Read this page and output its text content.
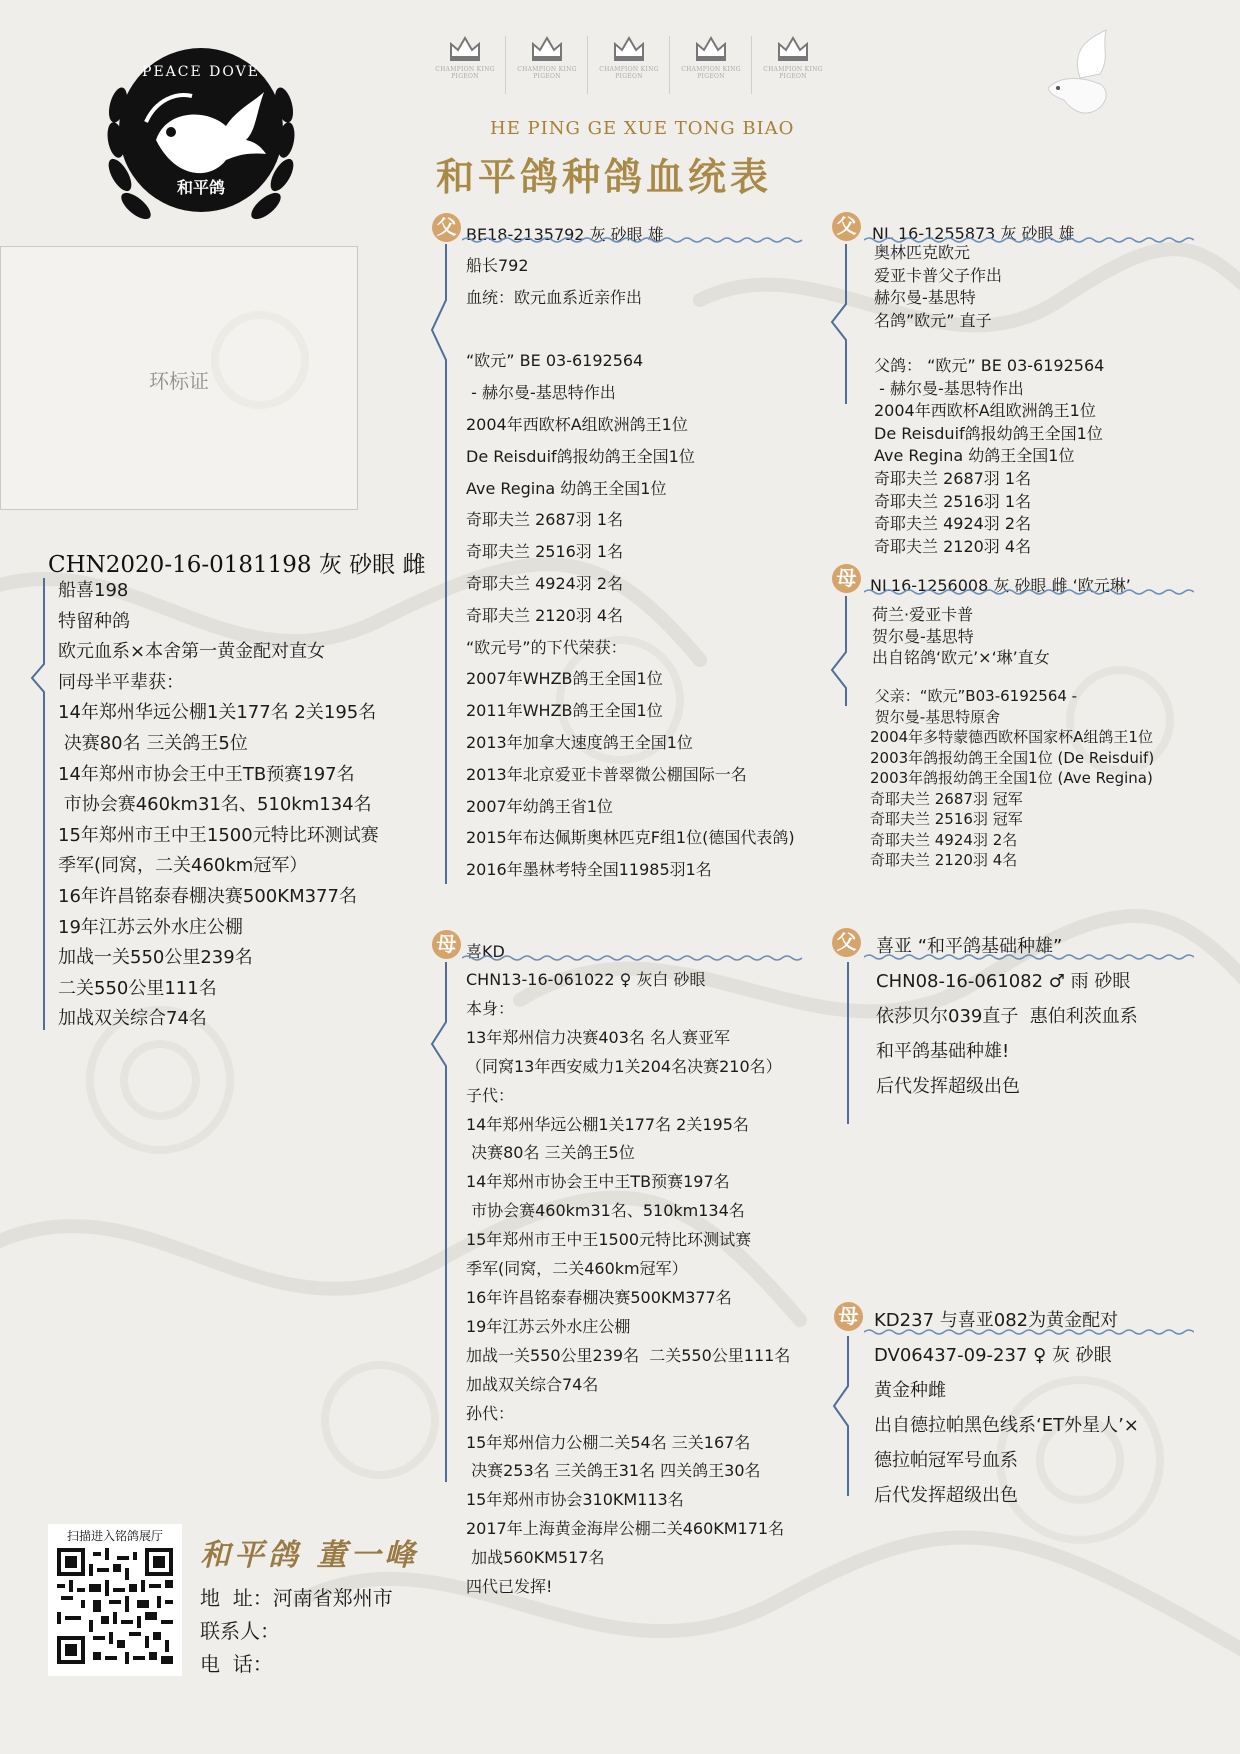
PEACE DOVE
和平鸽
CHAMPION KING PIGEON
CHAMPION KING PIGEON
CHAMPION KING PIGEON
CHAMPION KING PIGEON
CHAMPION KING PIGEON
HE PING GE XUE TONG BIAO
和平鸽种鸽血统表
环标证
CHN2020-16-0181198 灰 砂眼 雌
船喜198
特留种鸽
欧元血系×本舍第一黄金配对直女
同母半平辈获：
14年郑州华远公棚1关177名 2关195名
决赛80名 三关鸽王5位
14年郑州市协会王中王TB预赛197名
市协会赛460km31名、510km134名
15年郑州市王中王1500元特比环测试赛
季军(同窝，二关460km冠军）
16年许昌铭泰春棚决赛500KM377名
19年江苏云外水庄公棚
加战一关550公里239名
二关550公里111名
加战双关综合74名
父 BE18-2135792 灰 砂眼 雄
船长792
血统：欧元血系近亲作出

“欧元” BE 03-6192564
- 赫尔曼-基思特作出
2004年西欧杯A组欧洲鸽王1位
De Reisduif鸽报幼鸽王全国1位
Ave Regina 幼鸽王全国1位
奇耶夫兰 2687羽 1名
奇耶夫兰 2516羽 1名
奇耶夫兰 4924羽 2名
奇耶夫兰 2120羽 4名
“欧元号”的下代荣获：
2007年WHZB鸽王全国1位
2011年WHZB鸽王全国1位
2013年加拿大速度鸽王全国1位
2013年北京爱亚卡普翠微公棚国际一名
2007年幼鸽王省1位
2015年布达佩斯奥林匹克F组1位(德国代表鸽)
2016年墨林考特全国11985羽1名
母 喜KD
CHN13-16-061022 ♀ 灰白 砂眼
本身：
13年郑州信力决赛403名 名人赛亚军
（同窝13年西安威力1关204名决赛210名）
子代：
14年郑州华远公棚1关177名 2关195名
决赛80名 三关鸽王5位
14年郑州市协会王中王TB预赛197名
市协会赛460km31名、510km134名
15年郑州市王中王1500元特比环测试赛
季军(同窝，二关460km冠军）
16年许昌铭泰春棚决赛500KM377名
19年江苏云外水庄公棚
加战一关550公里239名  二关550公里111名
加战双关综合74名
孙代：
15年郑州信力公棚二关54名 三关167名
决赛253名 三关鸽王31名 四关鸽王30名
15年郑州市协会310KM113名
2017年上海黄金海岸公棚二关460KM171名
加战560KM517名
四代已发挥!
父 NL 16-1255873 灰 砂眼 雄
奥林匹克欧元
爱亚卡普父子作出
赫尔曼-基思特
名鸽”欧元” 直子

父鸽： “欧元” BE 03-6192564
- 赫尔曼-基思特作出
2004年西欧杯A组欧洲鸽王1位
De Reisduif鸽报幼鸽王全国1位
Ave Regina 幼鸽王全国1位
奇耶夫兰 2687羽 1名
奇耶夫兰 2516羽 1名
奇耶夫兰 4924羽 2名
奇耶夫兰 2120羽 4名
母 NL16-1256008 灰 砂眼 雌 ‘欧元琳’
荷兰·爱亚卡普
贺尔曼-基思特
出自铭鸽‘欧元’×‘琳’直女
父亲：“欧元”B03-6192564 -
贺尔曼-基思特原舍
2004年多特蒙德西欧杯国家杯A组鸽王1位
2003年鸽报幼鸽王全国1位 (De Reisduif)
2003年鸽报幼鸽王全国1位 (Ave Regina)
奇耶夫兰 2687羽 冠军
奇耶夫兰 2516羽 冠军
奇耶夫兰 4924羽 2名
奇耶夫兰 2120羽 4名
父 喜亚 “和平鸽基础种雄”
CHN08-16-061082 ♂ 雨 砂眼
依莎贝尔039直子  惠伯利茨血系
和平鸽基础种雄!
后代发挥超级出色
母 KD237 与喜亚082为黄金配对
DV06437-09-237 ♀ 灰 砂眼
黄金种雌
出自德拉帕黑色线系‘ET外星人’×
德拉帕冠军号血系
后代发挥超级出色
扫描进入铭鸽展厅
和平鸽 董一峰
地  址：河南省郑州市
联系人：
电  话：
